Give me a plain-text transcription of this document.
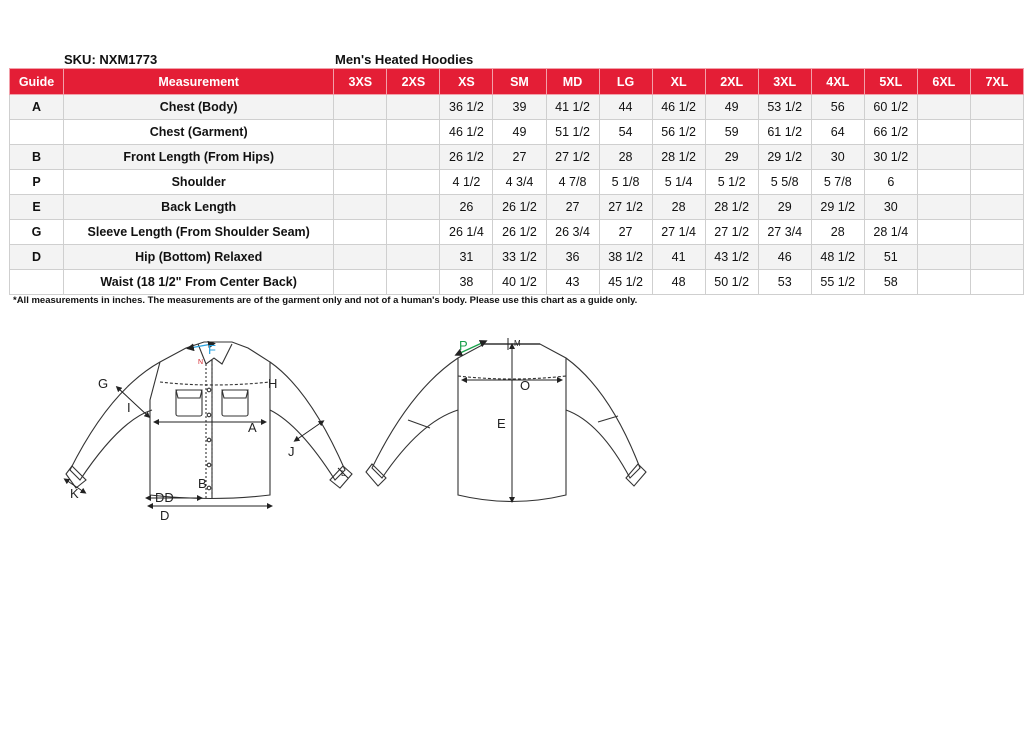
SKU: NXM1773	Men's Heated Hoodies
Guide	Measurement	3XS	2XS	XS	SM	MD	LG	XL	2XL	3XL	4XL	5XL	6XL	7XL
A	Chest (Body)			36 1/2	39	41 1/2	44	46 1/2	49	53 1/2	56	60 1/2		
	Chest (Garment)			46 1/2	49	51 1/2	54	56 1/2	59	61 1/2	64	66 1/2		
B	Front Length (From Hips)			26 1/2	27	27 1/2	28	28 1/2	29	29 1/2	30	30 1/2		
P	Shoulder			4 1/2	4 3/4	4 7/8	5 1/8	5 1/4	5 1/2	5 5/8	5 7/8	6		
E	Back Length			26	26 1/2	27	27 1/2	28	28 1/2	29	29 1/2	30		
G	Sleeve Length (From Shoulder Seam)			26 1/4	26 1/2	26 3/4	27	27 1/4	27 1/2	27 3/4	28	28 1/4		
D	Hip (Bottom) Relaxed			31	33 1/2	36	38 1/2	41	43 1/2	46	48 1/2	51		
	Waist (18 1/2" From Center Back)			38	40 1/2	43	45 1/2	48	50 1/2	53	55 1/2	58		
*All measurements in inches. The measurements are of the garment only and not of a human's body. Please use this chart as a guide only.
G	H
I
A
J
K
B
DD
D
F
N
L
P	M
O
E
